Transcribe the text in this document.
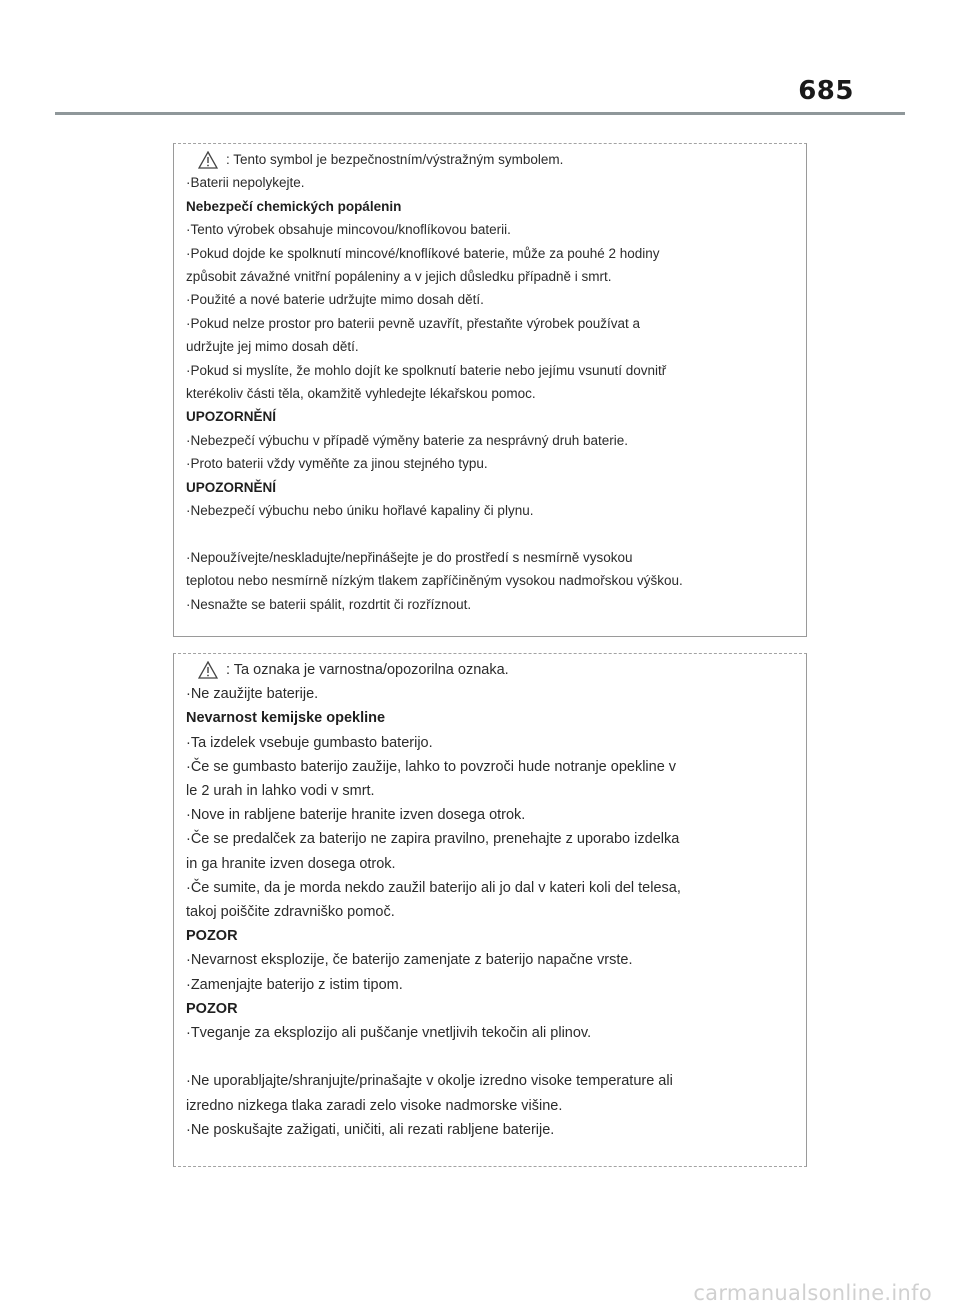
685
: Tento symbol je bezpečnostním/výstražným symbolem.
·Baterii nepolykejte.
Nebezpečí chemických popálenin
·Tento výrobek obsahuje mincovou/knoflíkovou baterii.
·Pokud dojde ke spolknutí mincové/knoflíkové baterie, může za pouhé 2 hodiny
způsobit závažné vnitřní popáleniny a v jejich důsledku případně i smrt.
·Použité a nové baterie udržujte mimo dosah dětí.
·Pokud nelze prostor pro baterii pevně uzavřít, přestaňte výrobek používat a
udržujte jej mimo dosah dětí.
·Pokud si myslíte, že mohlo dojít ke spolknutí baterie nebo jejímu vsunutí dovnitř
kterékoliv části těla, okamžitě vyhledejte lékařskou pomoc.
UPOZORNĚNÍ
·Nebezpečí výbuchu v případě výměny baterie za nesprávný druh baterie.
·Proto baterii vždy vyměňte za jinou stejného typu.
UPOZORNĚNÍ
·Nebezpečí výbuchu nebo úniku hořlavé kapaliny či plynu.
·Nepoužívejte/neskladujte/nepřinášejte je do prostředí s nesmírně vysokou
teplotou nebo nesmírně nízkým tlakem zapříčiněným vysokou nadmořskou výškou.
·Nesnažte se baterii spálit, rozdrtit či rozříznout.
: Ta oznaka je varnostna/opozorilna oznaka.
·Ne zaužijte baterije.
Nevarnost kemijske opekline
·Ta izdelek vsebuje gumbasto baterijo.
·Če se gumbasto baterijo zaužije, lahko to povzroči hude notranje opekline v
le 2 urah in lahko vodi v smrt.
·Nove in rabljene baterije hranite izven dosega otrok.
·Če se predalček za baterijo ne zapira pravilno, prenehajte z uporabo izdelka
in ga hranite izven dosega otrok.
·Če sumite, da je morda nekdo zaužil baterijo ali jo dal v kateri koli del telesa,
takoj poiščite zdravniško pomoč.
POZOR
·Nevarnost eksplozije, če baterijo zamenjate z baterijo napačne vrste.
·Zamenjajte baterijo z istim tipom.
POZOR
·Tveganje za eksplozijo ali puščanje vnetljivih tekočin ali plinov.
·Ne uporabljajte/shranjujte/prinašajte v okolje izredno visoke temperature ali
izredno nizkega tlaka zaradi zelo visoke nadmorske višine.
·Ne poskušajte zažigati, uničiti, ali rezati rabljene baterije.
carmanualsonline.info
